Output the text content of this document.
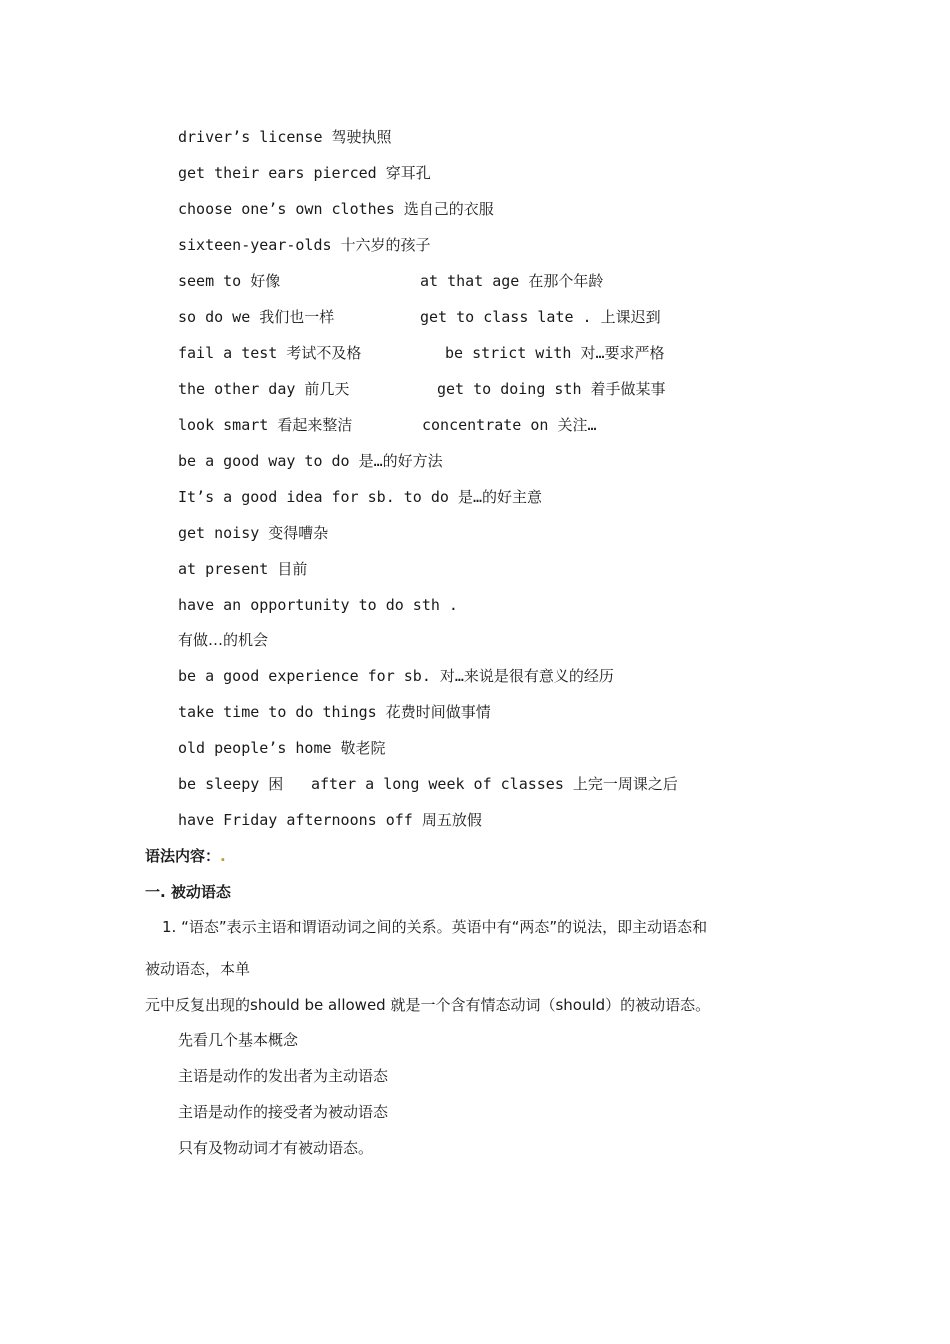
driver’s license 驾驶执照
get their ears pierced 穿耳孔
choose one’s own clothes 选自己的衣服
sixteen-year-olds 十六岁的孩子
seem to 好像	at that age 在那个年龄
so do we 我们也一样	get to class late . 上课迟到
fail a test 考试不及格	be strict with 对…要求严格
the other day 前几天	get to doing sth 着手做某事
look smart 看起来整洁	concentrate on 关注…
be a good way to do 是…的好方法
It’s a good idea for sb. to do 是…的好主意
get noisy 变得嘈杂
at present 目前
have an opportunity to do sth .
有做…的机会
be a good experience for sb. 对…来说是很有意义的经历
take time to do things 花费时间做事情
old people’s home 敬老院
be sleepy 困 after a long week of classes 上完一周课之后
have Friday afternoons off 周五放假
语法内容：.
一. 被动语态
1. “语态”表示主语和谓语动词之间的关系。英语中有“两态”的说法，即主动语态和
被动语态，本单
元中反复出现的should be allowed 就是一个含有情态动词（should）的被动语态。
先看几个基本概念
主语是动作的发出者为主动语态
主语是动作的接受者为被动语态
只有及物动词才有被动语态。
